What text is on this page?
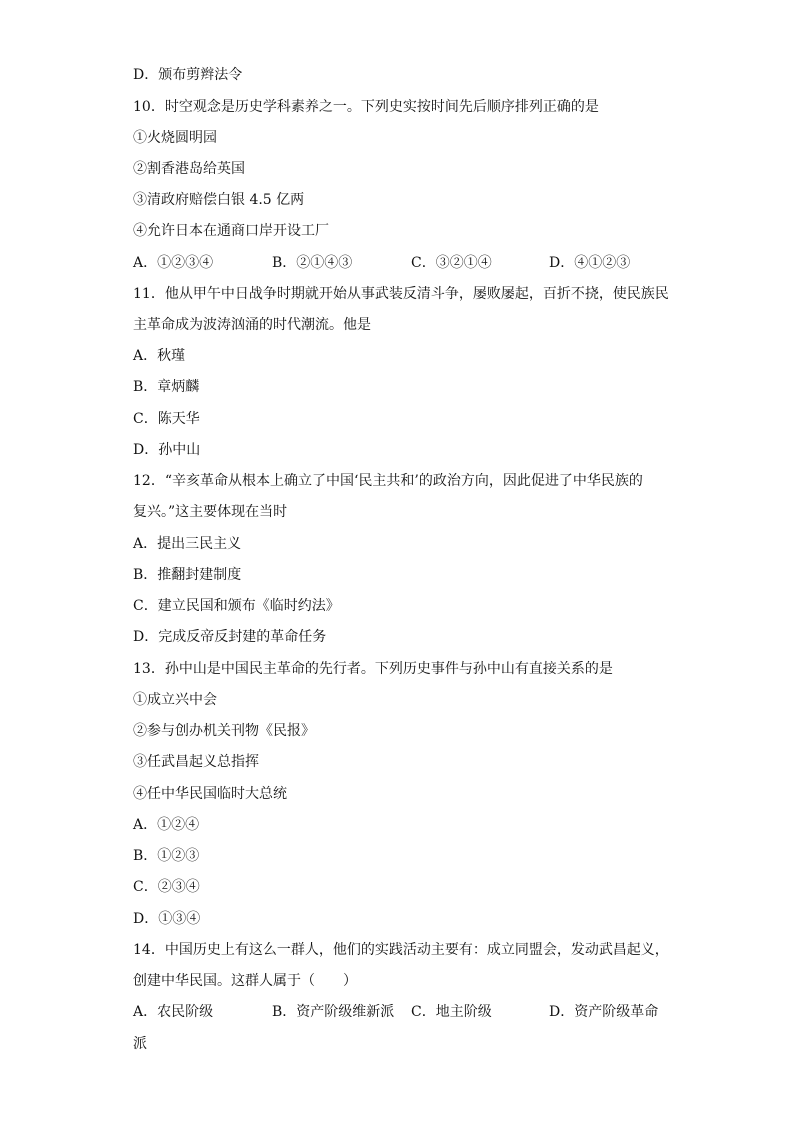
D．颁布剪辫法令
10．时空观念是历史学科素养之一。下列史实按时间先后顺序排列正确的是
①火烧圆明园
②割香港岛给英国
③清政府赔偿白银 4.5 亿两
④允许日本在通商口岸开设工厂
A．①②③④	B．②①④③	C．③②①④	D．④①②③
11．他从甲午中日战争时期就开始从事武装反清斗争，屡败屡起，百折不挠，使民族民
主革命成为波涛汹涌的时代潮流。他是
A．秋瑾
B．章炳麟
C．陈天华
D．孙中山
12．“辛亥革命从根本上确立了中国‘民主共和’的政治方向，因此促进了中华民族的
复兴。”这主要体现在当时
A．提出三民主义
B．推翻封建制度
C．建立民国和颁布《临时约法》
D．完成反帝反封建的革命任务
13．孙中山是中国民主革命的先行者。下列历史事件与孙中山有直接关系的是
①成立兴中会
②参与创办机关刊物《民报》
③任武昌起义总指挥
④任中华民国临时大总统
A．①②④
B．①②③
C．②③④
D．①③④
14．中国历史上有这么一群人，他们的实践活动主要有：成立同盟会，发动武昌起义，
创建中华民国。这群人属于（　　）
A．农民阶级	B．资产阶级维新派 C．地主阶级	D．资产阶级革命
派
